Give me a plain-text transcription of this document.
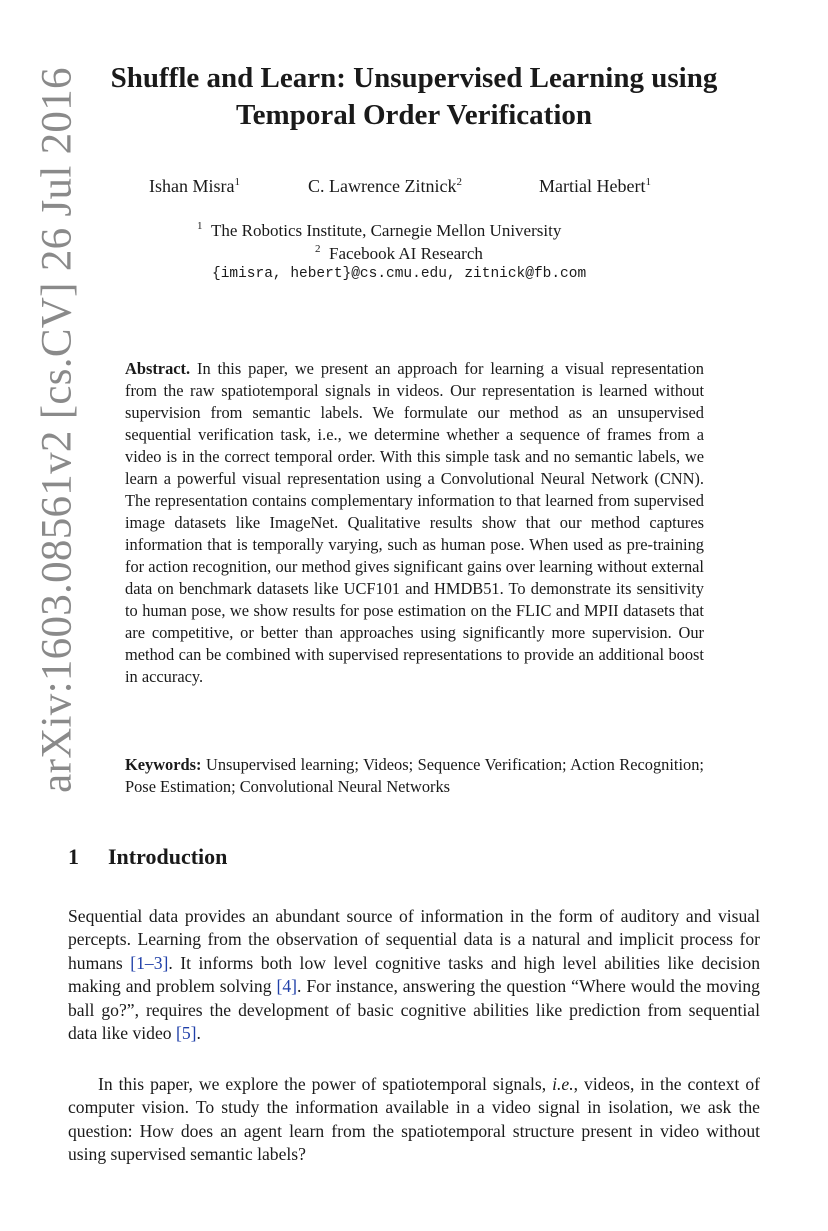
arXiv:1603.08561v2 [cs.CV] 26 Jul 2016	Shuffle and Learn: Unsupervised Learning using Temporal Order Verification
Ishan Misra$^1$	C. Lawrence Zitnick$^2$	Martial Hebert$^1$
$^1$ The Robotics Institute, Carnegie Mellon University
$^2$ Facebook AI Research
{imisra, hebert}@cs.cmu.edu, zitnick@fb.com

Abstract. In this paper, we present an approach for learning a visual representation from the raw spatiotemporal signals in videos. Our representation is learned without supervision from semantic labels. We formulate our method as an unsupervised sequential verification task, i.e., we determine whether a sequence of frames from a video is in the correct temporal order. With this simple task and no semantic labels, we learn a powerful visual representation using a Convolutional Neural Network (CNN). The representation contains complementary information to that learned from supervised image datasets like ImageNet. Qualitative results show that our method captures information that is temporally varying, such as human pose. When used as pre-training for action recognition, our method gives significant gains over learning without external data on benchmark datasets like UCF101 and HMDB51. To demonstrate its sensitivity to human pose, we show results for pose estimation on the FLIC and MPII datasets that are competitive, or better than approaches using significantly more supervision. Our method can be combined with supervised representations to provide an additional boost in accuracy.

Keywords: Unsupervised learning; Videos; Sequence Verification; Action Recognition; Pose Estimation; Convolutional Neural Networks

1 Introduction

Sequential data provides an abundant source of information in the form of auditory and visual percepts. Learning from the observation of sequential data is a natural and implicit process for humans [1–3]. It informs both low level cognitive tasks and high level abilities like decision making and problem solving [4]. For instance, answering the question “Where would the moving ball go?”, requires the development of basic cognitive abilities like prediction from sequential data like video [5].

In this paper, we explore the power of spatiotemporal signals, i.e., videos, in the context of computer vision. To study the information available in a video signal in isolation, we ask the question: How does an agent learn from the spatiotemporal structure present in video without using supervised semantic labels?
